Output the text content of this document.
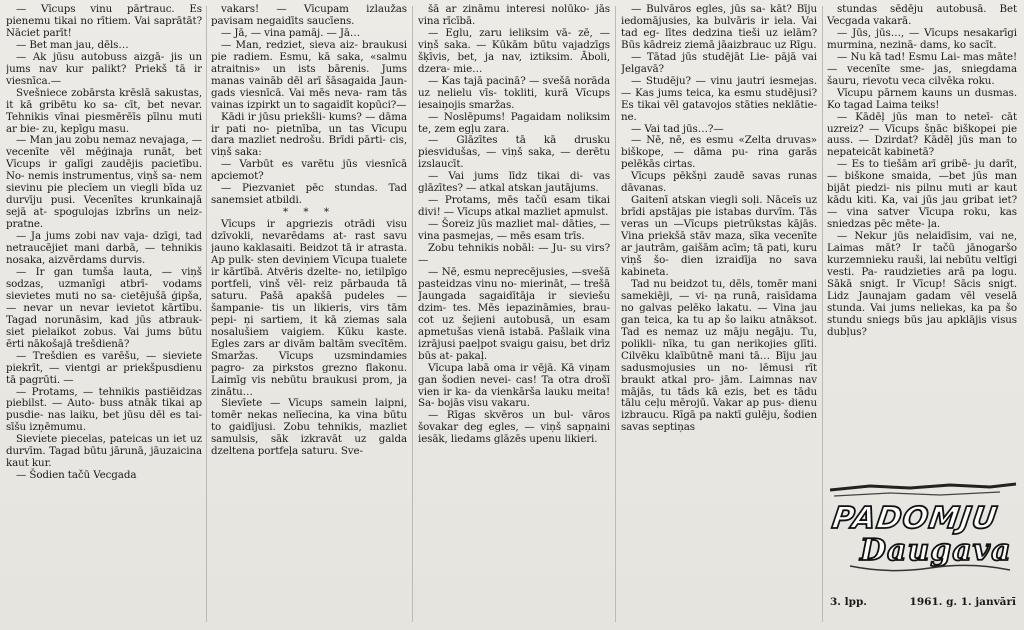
— Vīcups vinu pārtrauc. Es pienemu tikai no rītiem. Vai saprātāt? Nāciet parīt!

— Bet man jau, dēls…

— Ak jūsu autobuss aizgā- jis un jums nav kur palikt? Priekš tā ir viesnīca.—

Svešniece zobārsta krēslā sakustas, it kā gribētu ko sa- cīt, bet nevar. Tehnikis vīnai piesmērēīs pīlnu muti ar bie- zu, kepīgu masu.

— Man jau zobu nemaz nevajaga, — vecenīte vēl mēģinaja runāt, bet Vīcups ir galīgi zaudējis pacietību. No- nemis instrumentus, viņš sa- nem sievinu pie plecīem un viegli bīda uz durvīju pusi. Vecenītes krunkainajā sejā at- spogulojas izbrīns un neiz- pratne.

— Ja jums zobi nav vaja- dzīgi, tad netraucējiet mani darbā, — tehnikis nosaka, aizvērdams durvis.

— Ir gan tumša lauta, — viņš sodzas, uzmanīgi atbrī- vodams sievietes muti no sa- cietējušā ģipša, — nevar un nevar ievietot kārtību. Tagad norunāsim, kad jūs atbrauk- siet pielaikot zobus. Vai jums būtu ērti nākošajā trešdienā?

— Trešdien es varēšu, — sieviete piekrīt, — vientgi ar priekšpusdienu tā pagrūti. —

— Protams, — tehnikis pastiēidzas piebilst. — Auto- buss atnāk tikai ap pusdie- nas laiku, bet jūsu dēl es tai- sīšu izņēmumu.

Sieviete piecelas, pateicas un iet uz durvīm. Tagad būtu jārunā, jāuzaicina kaut kur.

— Šodien tačū Vecgada

vakars! — Vīcupam izlaužas pavisam negaidīts saucīens.

— Jā, — vina pamāj. — Jā…

— Man, redziet, sieva aiz- braukusi pie radiem. Esmu, kā saka, «salmu atraitnis» un ists bārenis. Jums manas vaināb dēl arī šāsagaida Jaun- gads viesnīcā. Vai mēs neva- ram tās vainas izpirkt un to sagaidīt kopūci?—

Kādi ir jūsu priekšli- kums? — dāma ir pati no- pietnība, un tas Vīcupu dara mazliet nedrošu. Brīdi pārti- cis, viņš saka:

— Varbūt es varētu jūs viesnīcā apciemot?

— Piezvaniet pēc stundas. Tad sanemsiet atbildi.

* * *

Vīcups ir apgriezis otrādi visu dzīvokli, nevarēdams at- rast savu jauno kaklasaiti. Beidzot tā ir atrasta. Ap pulk- sten deviņiem Vīcupa tualete ir kārtībā. Atvēris dzelte- no, ietilpīgo portfeli, vinš vēl- reiz pārbauda tā saturu. Pašā apakšā pudeles — šampanie- tis un likieris, virs tām pepi- ņi sartiem, it kā ziemas sala nosalušiem vaigiem. Kūku kaste. Egles zars ar divām baltām svecītēm. Smaržas. Vīcups uzsmindamies pagro- za pirkstos grezno flakonu. Laimīg vis nebūtu braukusi prom, ja zinātu…

Sievīete — Vīcups samein laipni, tomēr nekas nelīecina, ka vina būtu to gaidījusi. Zobu tehnikis, mazliet samulsis, sāk izkravāt uz galda dzeltena portfeļa saturu. Sve-

šā ar zināmu interesi nolūko- jās vina rīcībā.

— Eglu, zaru ieliksim vā- zē, — viņš saka. — Kūkām būtu vajadzīgs šķīvis, bet, ja nav, iztiksim. Āboli, dzera- mie…

— Kas tajā pacinā? — svešā norāda uz nelielu vīs- tokliti, kurā Vīcups iesaiņojis smaržas.

— Noslēpums! Pagaidam noliksim te, zem egļu zara.

— Glāzītes tā kā drusku piesvidušas, — viņš saka, — derētu izslaucīt.

— Vai jums līdz tikai di- vas glāzītes? — atkal atskan jautājums.

— Protams, mēs tačū esam tikai divi! — Vīcups atkal mazliet apmulst.

— Šoreiz jūs mazliet mal- dāties, — vina pasmejas, — mēs esam trīs.

Zobu tehnikis nobāl: — Ju- su virs?—

— Nē, esmu neprecējusies, —svešā pasteidzas vinu no- mierināt, — trešā Jaungada sagaidītāja ir sieviešu dzim- tes. Mēs iepazināmies, brau- cot uz šejieni autobusā, un esam apmetušas vienā istabā. Pašlaik vina izrājusi paeļpot svaigu gaisu, bet drīz būs at- pakaļ.

Vīcupa labā oma ir vējā. Kā viņam gan šodien nevei- cas! Ta otra drošī vien ir ka- da vienkārša lauku meita! Sa- bojās visu vakaru.

— Rīgas skvēros un bul- vāros šovakar deg egles, — viņš sapņaini iesāk, liedams glāzēs upenu likieri.

— Bulvāros egles, jūs sa- kāt? Bīju iedomājusies, ka bulvāris ir iela. Vai tad eg- lītes dedzina tieši uz ielām? Būs kādreiz ziemā jāaizbrauc uz Rīgu.

— Tātad jūs studējāt Lie- pājā vai Jelgavā?

— Studēju? — vinu jautri iesmejas. — Kas jums teica, ka esmu studējusi? Es tikai vēl gatavojos stāties neklātie- ne.

— Vai tad jūs…?—

— Nē, nē, es esmu «Zelta druvas» biškope, — dāma pu- rina garās pelēkās cirtas.

Vīcups pēkšņi zaudē savas runas dāvanas.

Gaitenī atskan viegli soļi. Nāceīs uz brīdi apstājas pie istabas durvīm. Tās veras un —Vīcups pietrūkstas kājās. Vina priekšā stāv maza, sīka vecenīte ar jautrām, gaišām acīm; tā pati, kuru viņš šo- dien izraidīja no sava kabineta.

Tad nu beidzot tu, dēls, tomēr mani samekiēji, — vi- ņa runā, raisīdama no galvas pelēko lakatu. — Vina jau gan teica, ka tu ap šo laiku atnāksot. Tad es nemaz uz māju negāju. Tu, polikli- nīka, tu gan nerikojies glīti. Cilvēku klaībūtnē mani tā… Bīju jau sadusmojusies un no- lēmusi rīt braukt atkal pro- jām. Laimnas nav mājās, tu tāds kā ezis, bet es tādu tālu ceļu mērojū. Vakar ap pus- dienu izbraucu. Rīgā pa naktī gulēju, šodien savas septiņas

stundas sēdēju autobusā. Bet Vecgada vakarā.

— Jūs, jūs…, — Vīcups nesakarīgi murmina, nezinā- dams, ko sacīt.

— Nu kā tad! Esmu Lai- mas māte! — vecenīte sme- jas, sniegdama šauru, rievotu veca cilvēka roku.

Vīcupu pārnem kauns un dusmas. Ko tagad Laima teiks!

— Kādēļ jūs man to neteī- cāt uzreiz? — Vīcups šņāc biškopei pie auss. — Dzirdat? Kādēļ jūs man to nepateicāt kabinetā?

— Es to tiešām arī gribē- ju darīt, — biškone smaida, —bet jūs man bijāt piedzi- nis pilnu muti ar kaut kādu kiti. Ka, vai jūs jau gribat iet? — vina satver Vīcupa roku, kas sniedzas pēc mēte- ļa.

— Nekur jūs nelaidīsim, vai ne, Laimas māt? Ir tačū jānogaršo kurzemnieku rauši, lai nebūtu veltīgi vesti. Pa- raudzieties arā pa logu. Sākā snigt. Ir Vīcup! Sācis snigt. Lidz Jaunajam gadam vēl veselā stunda. Vai jums neliekas, ka pa šo stundu sniegs būs jau apklājis visus dubļus?

PADOMJU
Daugava
3. lpp.	1961. g. 1. janvārī
